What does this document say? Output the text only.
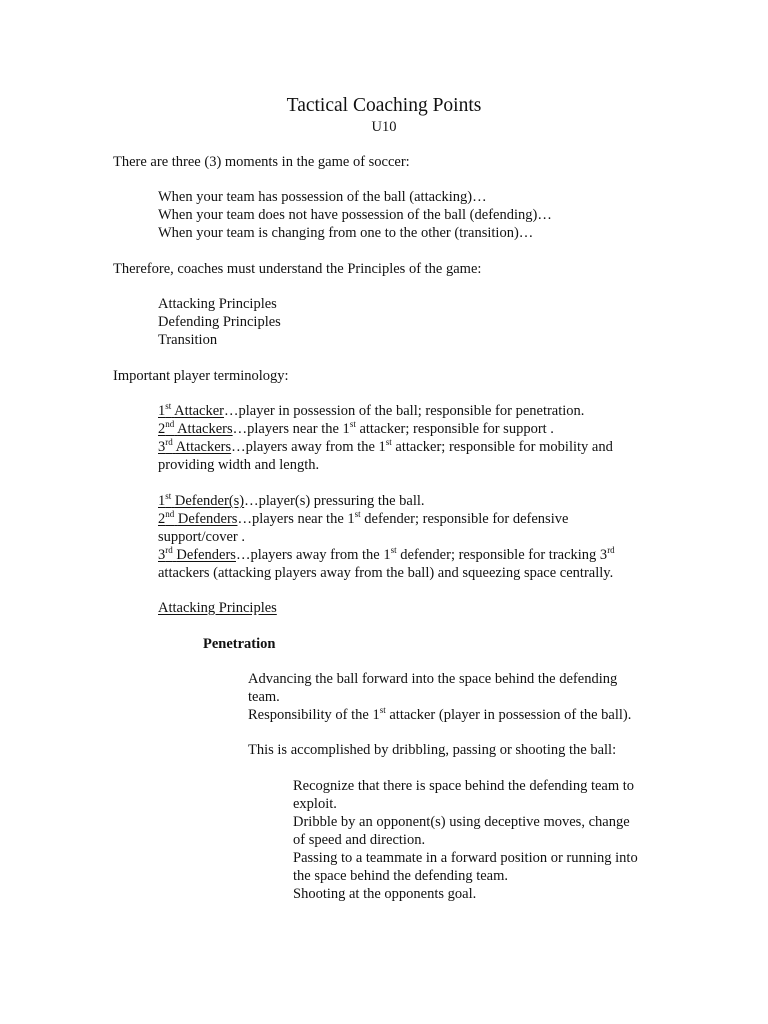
Tactical Coaching Points
U10
There are three (3) moments in the game of soccer:
When your team has possession of the ball (attacking)…
When your team does not have possession of the ball (defending)…
When your team is changing from one to the other (transition)…
Therefore, coaches must understand the Principles of the game:
Attacking Principles
Defending Principles
Transition
Important player terminology:
1st Attacker…player in possession of the ball; responsible for penetration.
2nd Attackers…players near the 1st attacker; responsible for support .
3rd Attackers…players away from the 1st attacker; responsible for mobility and
providing width and length.
1st Defender(s)…player(s) pressuring the ball.
2nd Defenders…players near the 1st defender; responsible for defensive
support/cover .
3rd Defenders…players away from the 1st defender; responsible for tracking 3rd
attackers (attacking players away from the ball) and squeezing space centrally.
Attacking Principles
Penetration
Advancing the ball forward into the space behind the defending
team.
Responsibility of the 1st attacker (player in possession of the ball).
This is accomplished by dribbling, passing or shooting the ball:
Recognize that there is space behind the defending team to
exploit.
Dribble by an opponent(s) using deceptive moves, change
of speed and direction.
Passing to a teammate in a forward position or running into
the space behind the defending team.
Shooting at the opponents goal.
